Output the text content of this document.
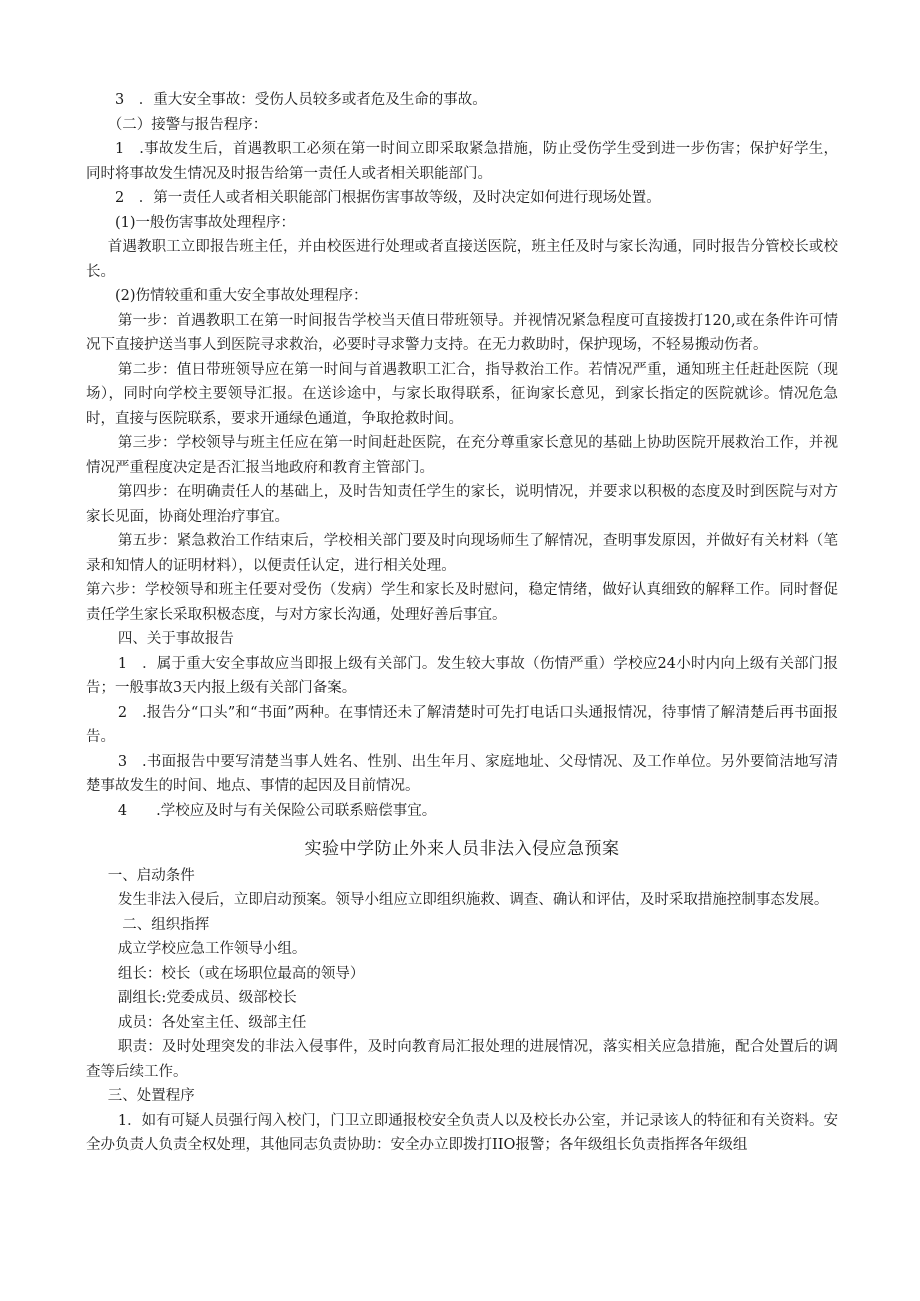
3　．重大安全事故：受伤人员较多或者危及生命的事故。

（二）接警与报告程序：

1　.事故发生后，首遇教职工必须在第一时间立即采取紧急措施，防止受伤学生受到进一步伤害；保护好学生，同时将事故发生情况及时报告给第一责任人或者相关职能部门。

2　．第一责任人或者相关职能部门根据伤害事故等级，及时决定如何进行现场处置。

(1)一般伤害事故处理程序：

首遇教职工立即报告班主任，并由校医进行处理或者直接送医院，班主任及时与家长沟通，同时报告分管校长或校长。

(2)伤情较重和重大安全事故处理程序：

第一步：首遇教职工在第一时间报告学校当天值日带班领导。并视情况紧急程度可直接拨打120,或在条件许可情况下直接护送当事人到医院寻求救治，必要时寻求警力支持。在无力救助时，保护现场，不轻易搬动伤者。

第二步：值日带班领导应在第一时间与首遇教职工汇合，指导救治工作。若情况严重，通知班主任赶赴医院（现场），同时向学校主要领导汇报。在送诊途中，与家长取得联系，征询家长意见，到家长指定的医院就诊。情况危急时，直接与医院联系，要求开通绿色通道，争取抢救时间。

第三步：学校领导与班主任应在第一时间赶赴医院，在充分尊重家长意见的基础上协助医院开展救治工作，并视情况严重程度决定是否汇报当地政府和教育主管部门。

第四步：在明确责任人的基础上，及时告知责任学生的家长，说明情况，并要求以积极的态度及时到医院与对方家长见面，协商处理治疗事宜。

第五步：紧急救治工作结束后，学校相关部门要及时向现场师生了解情况，查明事发原因，并做好有关材料（笔录和知情人的证明材料），以便责任认定，进行相关处理。

第六步：学校领导和班主任要对受伤（发病）学生和家长及时慰问，稳定情绪，做好认真细致的解释工作。同时督促责任学生家长采取积极态度，与对方家长沟通，处理好善后事宜。

四、关于事故报告

1　．属于重大安全事故应当即报上级有关部门。发生较大事故（伤情严重）学校应24小时内向上级有关部门报告；一般事故3天内报上级有关部门备案。

2　.报告分“口头”和“书面”两种。在事情还未了解清楚时可先打电话口头通报情况，待事情了解清楚后再书面报告。

3　.书面报告中要写清楚当事人姓名、性别、出生年月、家庭地址、父母情况、及工作单位。另外要简洁地写清楚事故发生的时间、地点、事情的起因及目前情况。

4　　.学校应及时与有关保险公司联系赔偿事宜。

实验中学防止外来人员非法入侵应急预案

一、启动条件

发生非法入侵后，立即启动预案。领导小组应立即组织施救、调查、确认和评估，及时采取措施控制事态发展。

二、组织指挥

成立学校应急工作领导小组。

组长：校长（或在场职位最高的领导）

副组长:党委成员、级部校长

成员：各处室主任、级部主任

职责：及时处理突发的非法入侵事件，及时向教育局汇报处理的进展情况，落实相关应急措施，配合处置后的调查等后续工作。

三、处置程序

1．如有可疑人员强行闯入校门，门卫立即通报校安全负责人以及校长办公室，并记录该人的特征和有关资料。安全办负责人负责全权处理，其他同志负责协助：安全办立即拨打IIO报警；各年级组长负责指挥各年级组
